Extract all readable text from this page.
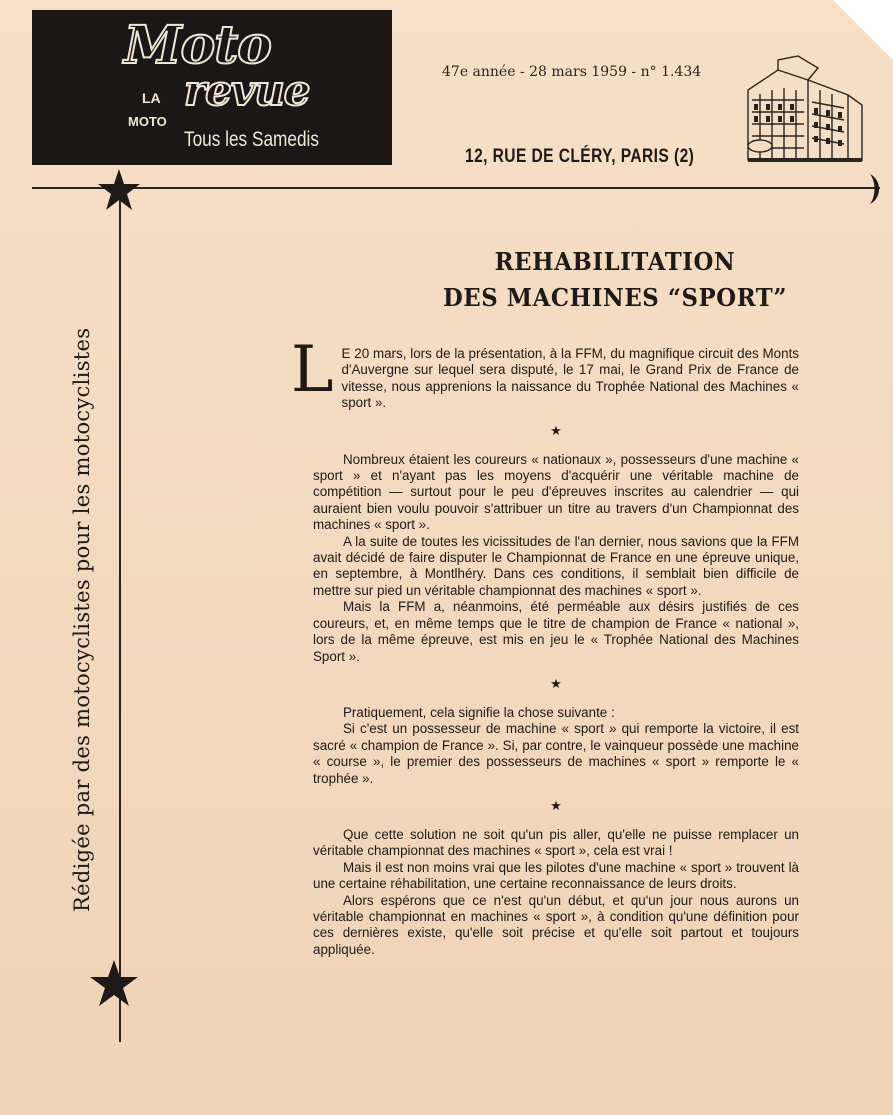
Moto
LA revue
MOTO
Tous les Samedis
47e année - 28 mars 1959 - n° 1.434
12, RUE DE CLÉRY, PARIS (2)
Rédigée par des motocyclistes pour les motocyclistes
REHABILITATION
DES MACHINES “SPORT”
L E 20 mars, lors de la présentation, à la FFM, du magnifique circuit des Monts d'Auvergne sur lequel sera disputé, le 17 mai, le Grand Prix de France de vitesse, nous apprenions la naissance du Trophée National des Machines « sport ».

★

Nombreux étaient les coureurs « nationaux », possesseurs d'une machine « sport » et n'ayant pas les moyens d'acquérir une véritable machine de compétition — surtout pour le peu d'épreuves inscrites au calendrier — qui auraient bien voulu pouvoir s'attribuer un titre au travers d'un Championnat des machines « sport ».

A la suite de toutes les vicissitudes de l'an dernier, nous savions que la FFM avait décidé de faire disputer le Championnat de France en une épreuve unique, en septembre, à Montlhéry. Dans ces conditions, il semblait bien difficile de mettre sur pied un véritable championnat des machines « sport ».

Mais la FFM a, néanmoins, été perméable aux désirs justifiés de ces coureurs, et, en même temps que le titre de champion de France « national », lors de la même épreuve, est mis en jeu le « Trophée National des Machines Sport ».

★

Pratiquement, cela signifie la chose suivante :

Si c'est un possesseur de machine « sport » qui remporte la victoire, il est sacré « champion de France ». Si, par contre, le vainqueur possède une machine « course », le premier des possesseurs de machines « sport » remporte le « trophée ».

★

Que cette solution ne soit qu'un pis aller, qu'elle ne puisse remplacer un véritable championnat des machines « sport », cela est vrai !

Mais il est non moins vrai que les pilotes d'une machine « sport » trouvent là une certaine réhabilitation, une certaine reconnaissance de leurs droits.

Alors espérons que ce n'est qu'un début, et qu'un jour nous aurons un véritable championnat en machines « sport », à condition qu'une définition pour ces dernières existe, qu'elle soit précise et qu'elle soit partout et toujours appliquée.
